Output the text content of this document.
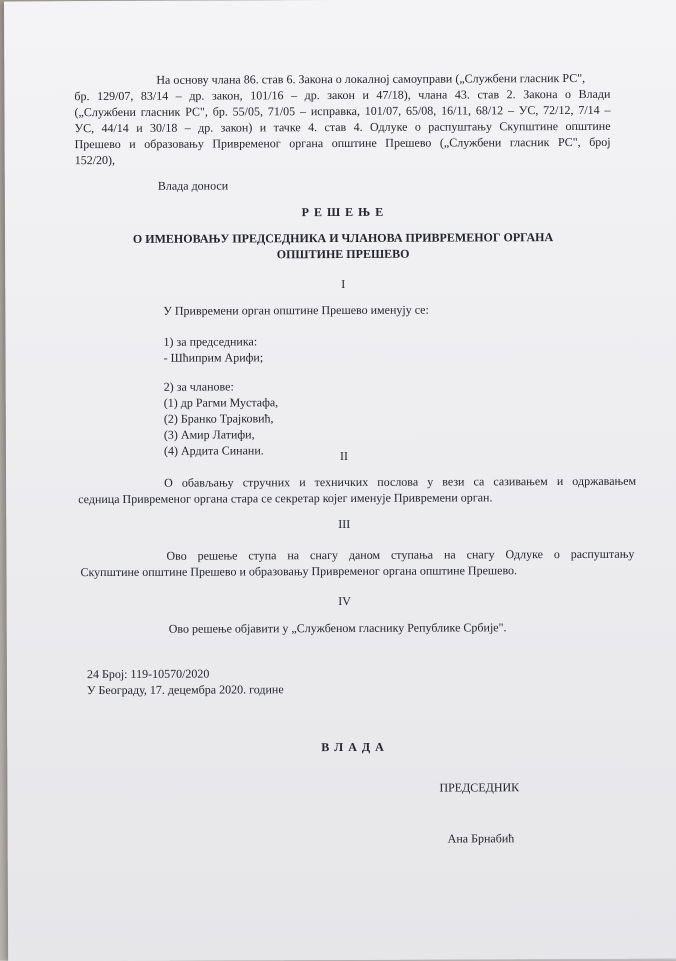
На основу члана 86. став 6. Закона о локалној самоуправи („Службени гласник РС",
бр. 129/07, 83/14 – др. закон, 101/16 – др. закон и 47/18), члана 43. став 2. Закона о Влади
(„Службени гласник РС", бр. 55/05, 71/05 – исправка, 101/07, 65/08, 16/11, 68/12 – УС, 72/12, 7/14 –
УС, 44/14 и 30/18 – др. закон) и тачке 4. став 4. Одлуке о распуштању Скупштине општине
Прешево и образовању Привременог органа општине Прешево („Службени гласник РС", број
152/20),
Влада доноси
Р Е Ш Е Њ Е
О ИМЕНОВАЊУ ПРЕДСЕДНИКА И ЧЛАНОВА ПРИВРЕМЕНОГ ОРГАНА
ОПШТИНЕ ПРЕШЕВО
I
У Привремени орган општине Прешево именују се:
1) за председника:
- Шћиприм Арифи;
2) за чланове:
(1) др Рагми Мустафа,
(2) Бранко Трајковић,
(3) Амир Латифи,
(4) Ардита Синани.	II
О обављању стручних и техничких послова у вези са сазивањем и одржавањем
седница Привременог органа стара се секретар којег именује Привремени орган.
III
Ово решење ступа на снагу даном ступања на снагу Одлуке о распуштању
Скупштине општине Прешево и образовању Привременог органа општине Прешево.
IV
Ово решење објавити у „Службеном гласнику Републике Србије".
24 Број: 119-10570/2020
У Београду, 17. децембра 2020. године
В Л А Д А
ПРЕДСЕДНИК
Ана Брнабић
